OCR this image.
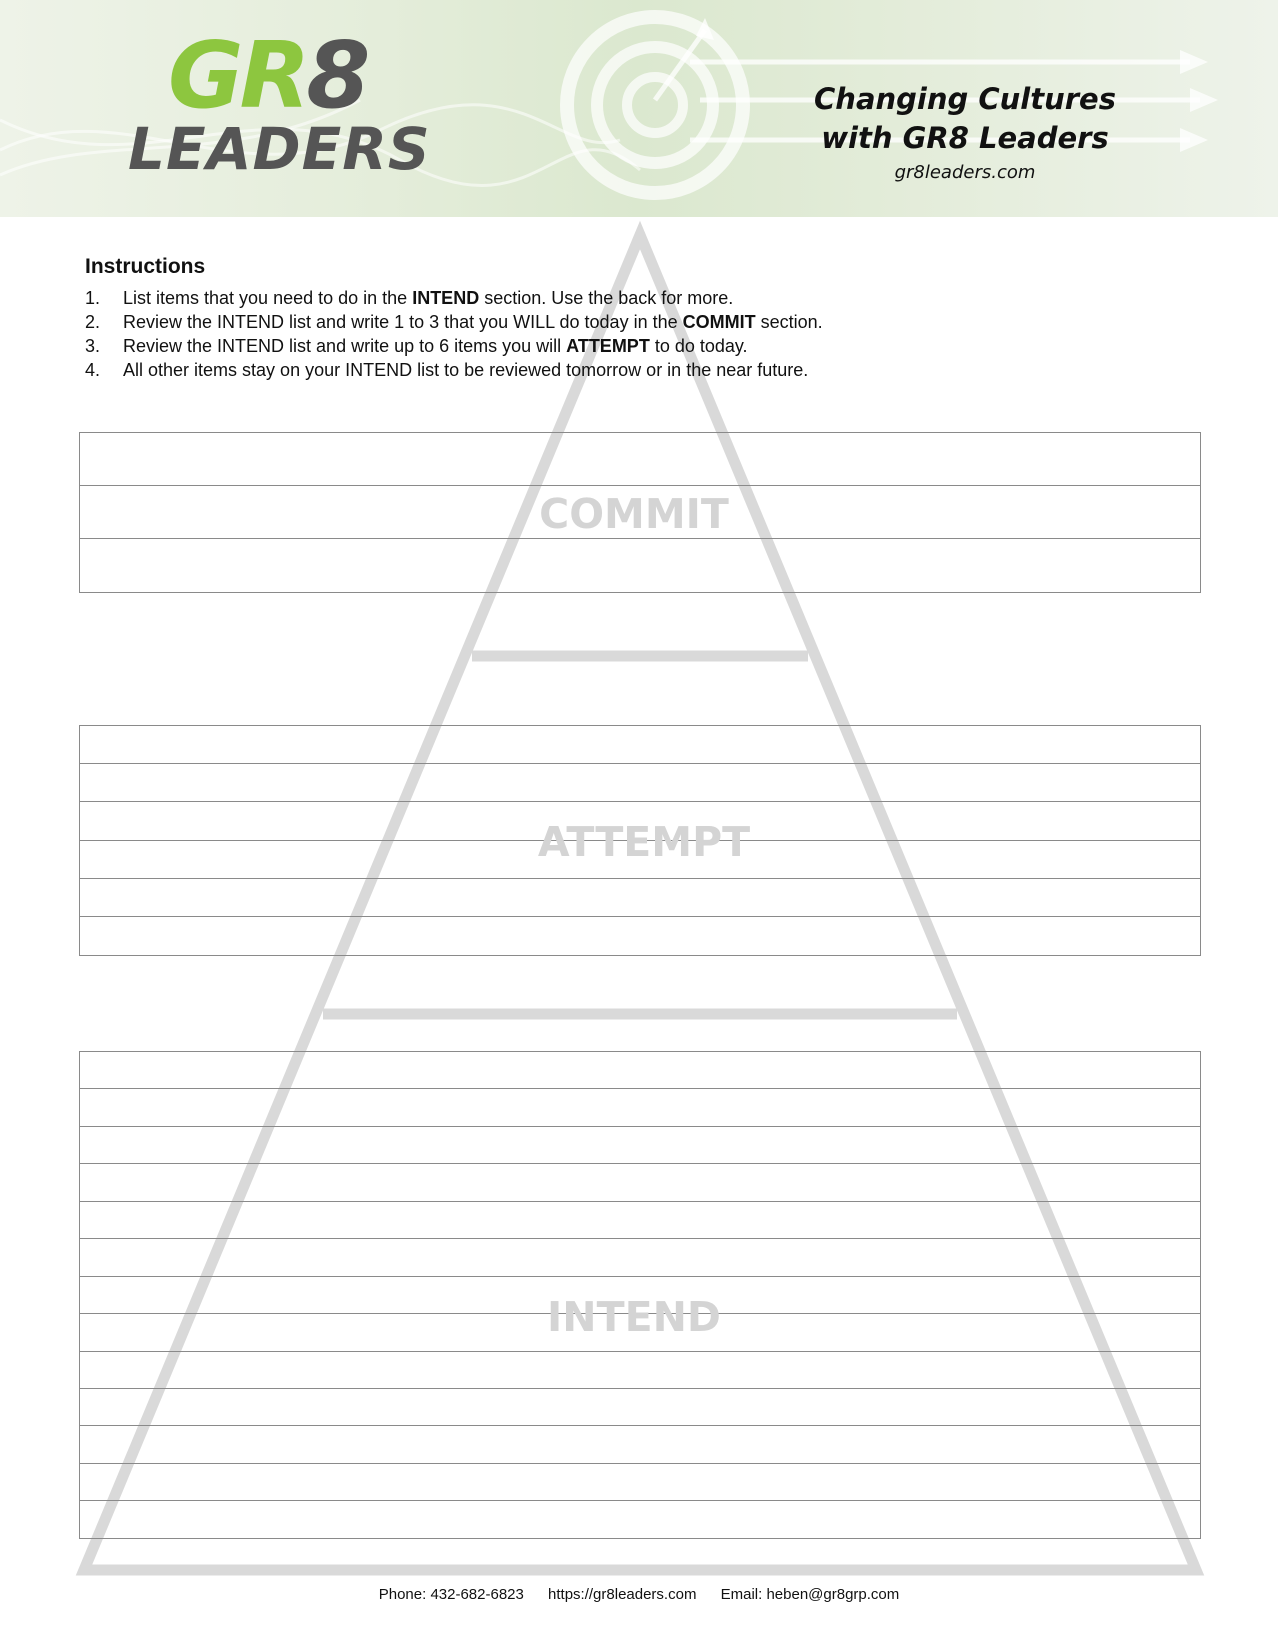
GR8
LEADERS
Changing Cultures
with GR8 Leaders
gr8leaders.com
Instructions
1.	List items that you need to do in the INTEND section. Use the back for more.
2.	Review the INTEND list and write 1 to 3 that you WILL do today in the COMMIT section.
3.	Review the INTEND list and write up to 6 items you will ATTEMPT to do today.
4.	All other items stay on your INTEND list to be reviewed tomorrow or in the near future.
COMMIT
ATTEMPT
INTEND
Phone: 432-682-6823 https://gr8leaders.com Email: heben@gr8grp.com
